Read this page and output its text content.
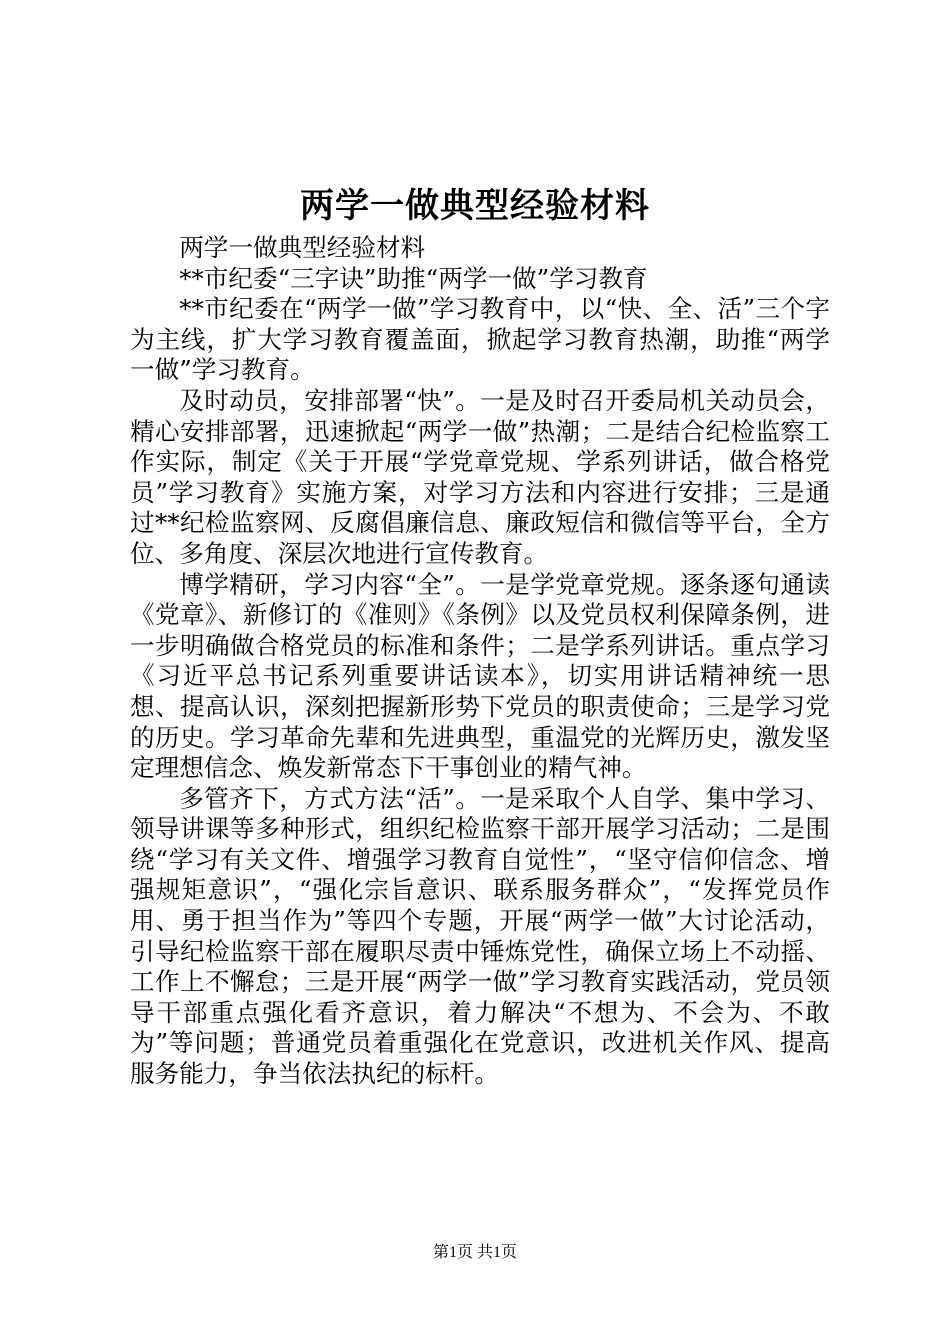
两学一做典型经验材料

两学一做典型经验材料

**市纪委“三字诀”助推“两学一做”学习教育

**市纪委在“两学一做”学习教育中，以“快、全、活”三个字为主线，扩大学习教育覆盖面，掀起学习教育热潮，助推“两学一做”学习教育。

及时动员，安排部署“快”。一是及时召开委局机关动员会，精心安排部署，迅速掀起“两学一做”热潮；二是结合纪检监察工作实际，制定《关于开展“学党章党规、学系列讲话，做合格党员”学习教育》实施方案，对学习方法和内容进行安排；三是通过**纪检监察网、反腐倡廉信息、廉政短信和微信等平台，全方位、多角度、深层次地进行宣传教育。

博学精研，学习内容“全”。一是学党章党规。逐条逐句通读《党章》、新修订的《准则》《条例》以及党员权利保障条例，进一步明确做合格党员的标准和条件；二是学系列讲话。重点学习《习近平总书记系列重要讲话读本》，切实用讲话精神统一思想、提高认识，深刻把握新形势下党员的职责使命；三是学习党的历史。学习革命先辈和先进典型，重温党的光辉历史，激发坚定理想信念、焕发新常态下干事创业的精气神。

多管齐下，方式方法“活”。一是采取个人自学、集中学习、领导讲课等多种形式，组织纪检监察干部开展学习活动；二是围绕“学习有关文件、增强学习教育自觉性”，“坚守信仰信念、增强规矩意识”，“强化宗旨意识、联系服务群众”，“发挥党员作用、勇于担当作为”等四个专题，开展“两学一做”大讨论活动，引导纪检监察干部在履职尽责中锤炼党性，确保立场上不动摇、工作上不懈怠；三是开展“两学一做”学习教育实践活动，党员领导干部重点强化看齐意识，着力解决“不想为、不会为、不敢为”等问题；普通党员着重强化在党意识，改进机关作风、提高服务能力，争当依法执纪的标杆。

第1页 共1页
